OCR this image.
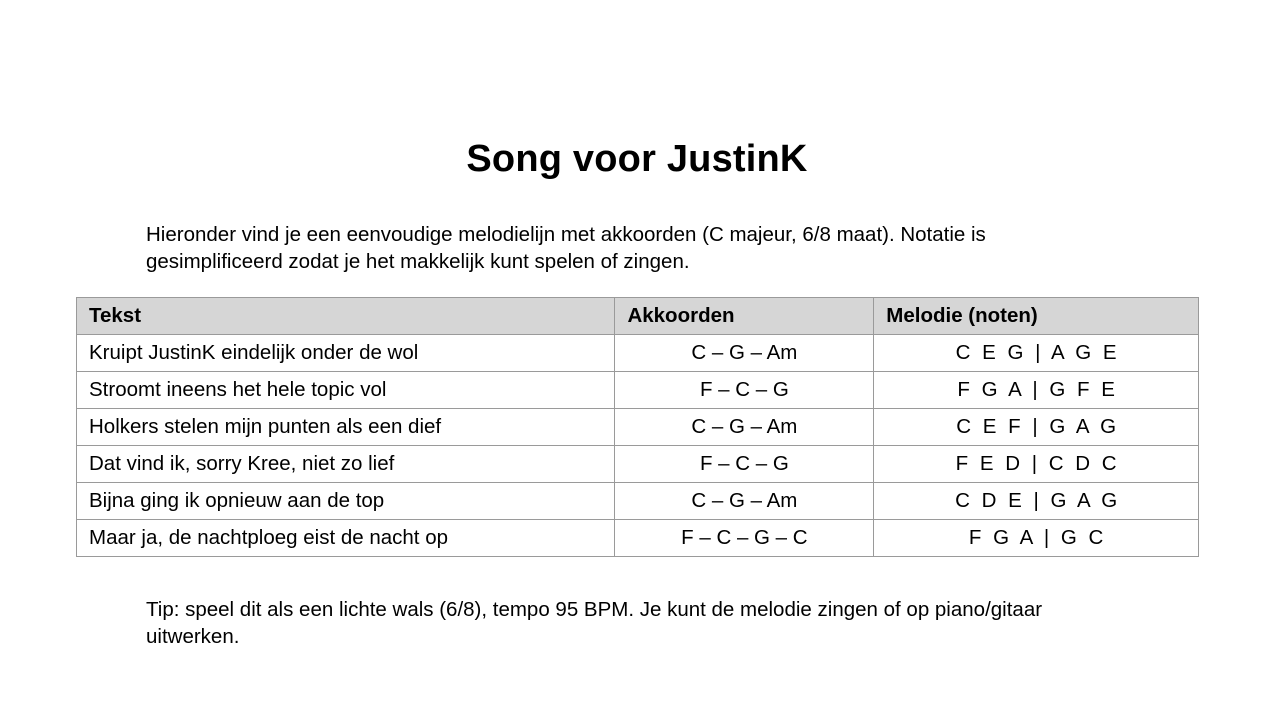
Song voor JustinK

Hieronder vind je een eenvoudige melodielijn met akkoorden (C majeur, 6/8 maat). Notatie is gesimplificeerd zodat je het makkelijk kunt spelen of zingen.

Tekst	Akkoorden	Melodie (noten)
Kruipt JustinK eindelijk onder de wol	C – G – Am	C E G | A G E
Stroomt ineens het hele topic vol	F – C – G	F G A | G F E
Holkers stelen mijn punten als een dief	C – G – Am	C E F | G A G
Dat vind ik, sorry Kree, niet zo lief	F – C – G	F E D | C D C
Bijna ging ik opnieuw aan de top	C – G – Am	C D E | G A G
Maar ja, de nachtploeg eist de nacht op	F – C – G – C	F G A | G C

Tip: speel dit als een lichte wals (6/8), tempo 95 BPM. Je kunt de melodie zingen of op piano/gitaar uitwerken.
